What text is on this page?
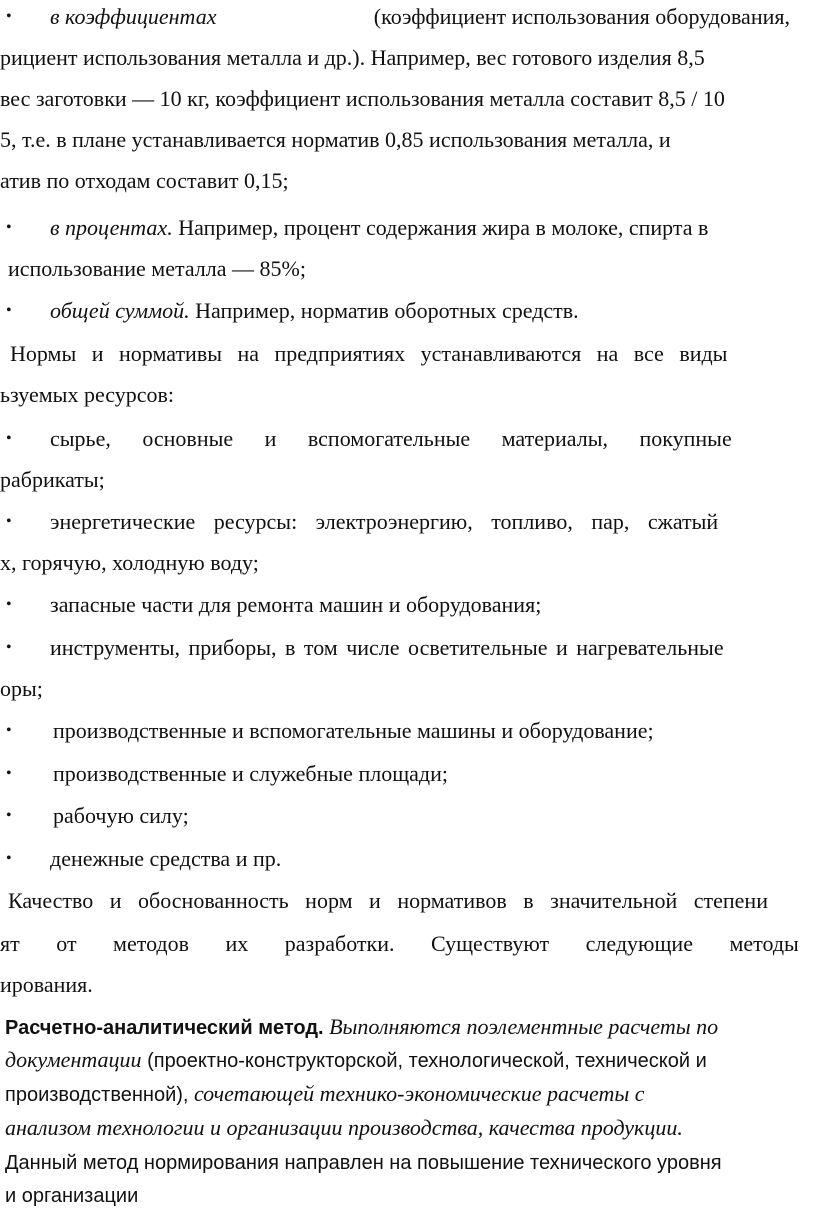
• в коэффициентах	(коэффициент использования оборудования,
рициент использования металла и др.). Например, вес готового изделия 8,5
вес заготовки — 10 кг, коэффициент использования металла составит 8,5 / 10
5, т.е. в плане устанавливается норматив 0,85 использования металла, и
атив по отходам составит 0,15;
• в процентах. Например, процент содержания жира в молоке, спирта в
использование металла — 85%;
• общей суммой. Например, норматив оборотных средств.
Нормы и нормативы на предприятиях устанавливаются на все виды
ьзуемых ресурсов:
• сырье, основные и вспомогательные материалы, покупные
рабрикаты;
• энергетические ресурсы: электроэнергию, топливо, пар, сжатый
х, горячую, холодную воду;
• запасные части для ремонта машин и оборудования;
• инструменты, приборы, в том числе осветительные и нагревательные
оры;
• производственные и вспомогательные машины и оборудование;
• производственные и служебные площади;
• рабочую силу;
• денежные средства и пр.
Качество и обоснованность норм и нормативов в значительной степени
ят от методов их разработки. Существуют следующие методы
ирования.
Расчетно-аналитический метод. Выполняются поэлементные расчеты по
документации (проектно-конструкторской, технологической, технической и
производственной), сочетающей технико-экономические расчеты с
анализом технологии и организации производства, качества продукции.
Данный метод нормирования направлен на повышение технического уровня
и организации
